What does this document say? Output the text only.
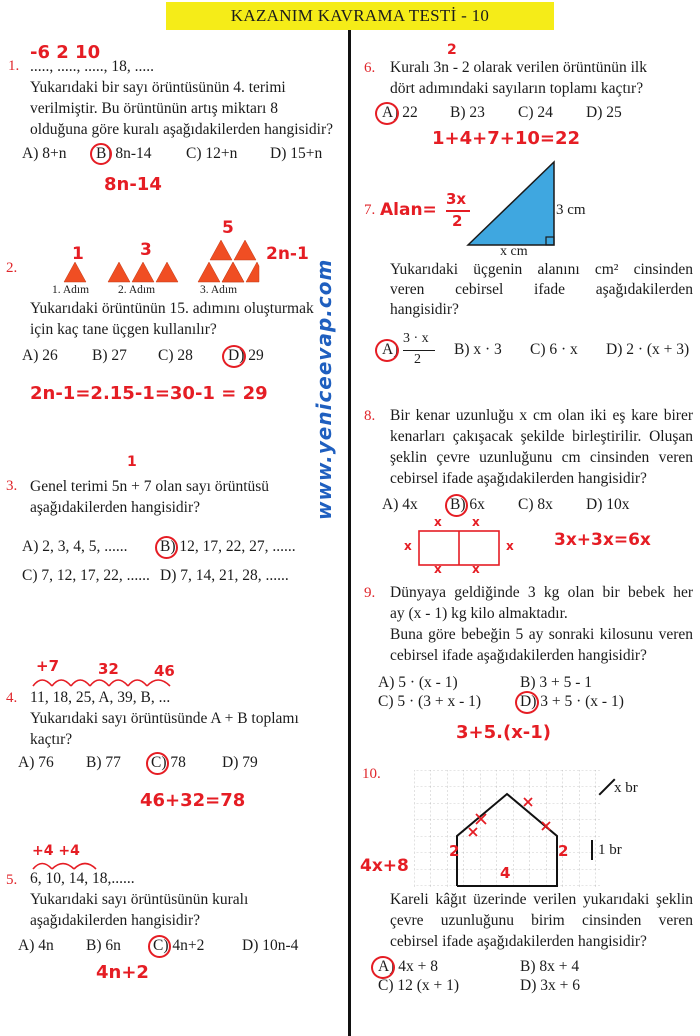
KAZANIM KAVRAMA TESTİ - 10
www.yeniceevap.com
-6 2 10
1. ....., ....., ....., 18, .....
Yukarıdaki bir sayı örüntüsünün 4. terimi
verilmiştir. Bu örüntünün artış miktarı 8
olduğuna göre kuralı aşağıdakilerden hangisidir?
A) 8+n B) 8n-14 C) 12+n D) 15+n
8n-14
2.
1	3
5
2n-1
1. Adım	2. Adım	3. Adım
Yukarıdaki örüntünün 15. adımını oluşturmak
için kaç tane üçgen kullanılır?
A) 26 B) 27 C) 28 D) 29
2n-1=2.15-1=30-1 = 29
1
3. Genel terimi 5n + 7 olan sayı örüntüsü
aşağıdakilerden hangisidir?
A) 2, 3, 4, 5, ...... B) 12, 17, 22, 27, ......
C) 7, 12, 17, 22, ...... D) 7, 14, 21, 28, ......
+7	32 46
4. 11, 18, 25, A, 39, B, ...
Yukarıdaki sayı örüntüsünde A + B toplamı
kaçtır?
A) 76 B) 77 C) 78 D) 79
46+32=78
+4 +4
5. 6, 10, 14, 18,......
Yukarıdaki sayı örüntüsünün kuralı
aşağıdakilerden hangisidir?
A) 4n B) 6n C) 4n+2 D) 10n-4
4n+2
2
6. Kuralı 3n - 2 olarak verilen örüntünün ilk
dört adımındaki sayıların toplamı kaçtır?
A) 22 B) 23 C) 24 D) 25
1+4+7+10=22
7. Alan=
3x
2
3 cm
x cm
Yukarıdaki üçgenin alanını cm² cinsinden
veren cebirsel ifade aşağıdakilerden
hangisidir?
A)
3 · x
2
B) x · 3 C) 6 · x D) 2 · (x + 3)
8. Bir kenar uzunluğu x cm olan iki eş kare birer
kenarları çakışacak şekilde birleştirilir. Oluşan
şeklin çevre uzunluğunu cm cinsinden veren
cebirsel ifade aşağıdakilerden hangisidir?
A) 4x B) 6x C) 8x D) 10x
x	x
x	x
x	x
3x+3x=6x
9. Dünyaya geldiğinde 3 kg olan bir bebek her
ay (x - 1) kg kilo almaktadır.
Buna göre bebeğin 5 ay sonraki kilosunu veren
cebirsel ifade aşağıdakilerden hangisidir?
A) 5 · (x - 1)	B) 3 + 5 - 1
C) 5 · (3 + x - 1)	D) 3 + 5 · (x - 1)
3+5.(x-1)
10.
2	2
4
4x+8
x br
1 br
Kareli kâğıt üzerinde verilen yukarıdaki şeklin
çevre uzunluğunu birim cinsinden veren
cebirsel ifade aşağıdakilerden hangisidir?
A) 4x + 8	B) 8x + 4
C) 12 (x + 1)	D) 3x + 6
